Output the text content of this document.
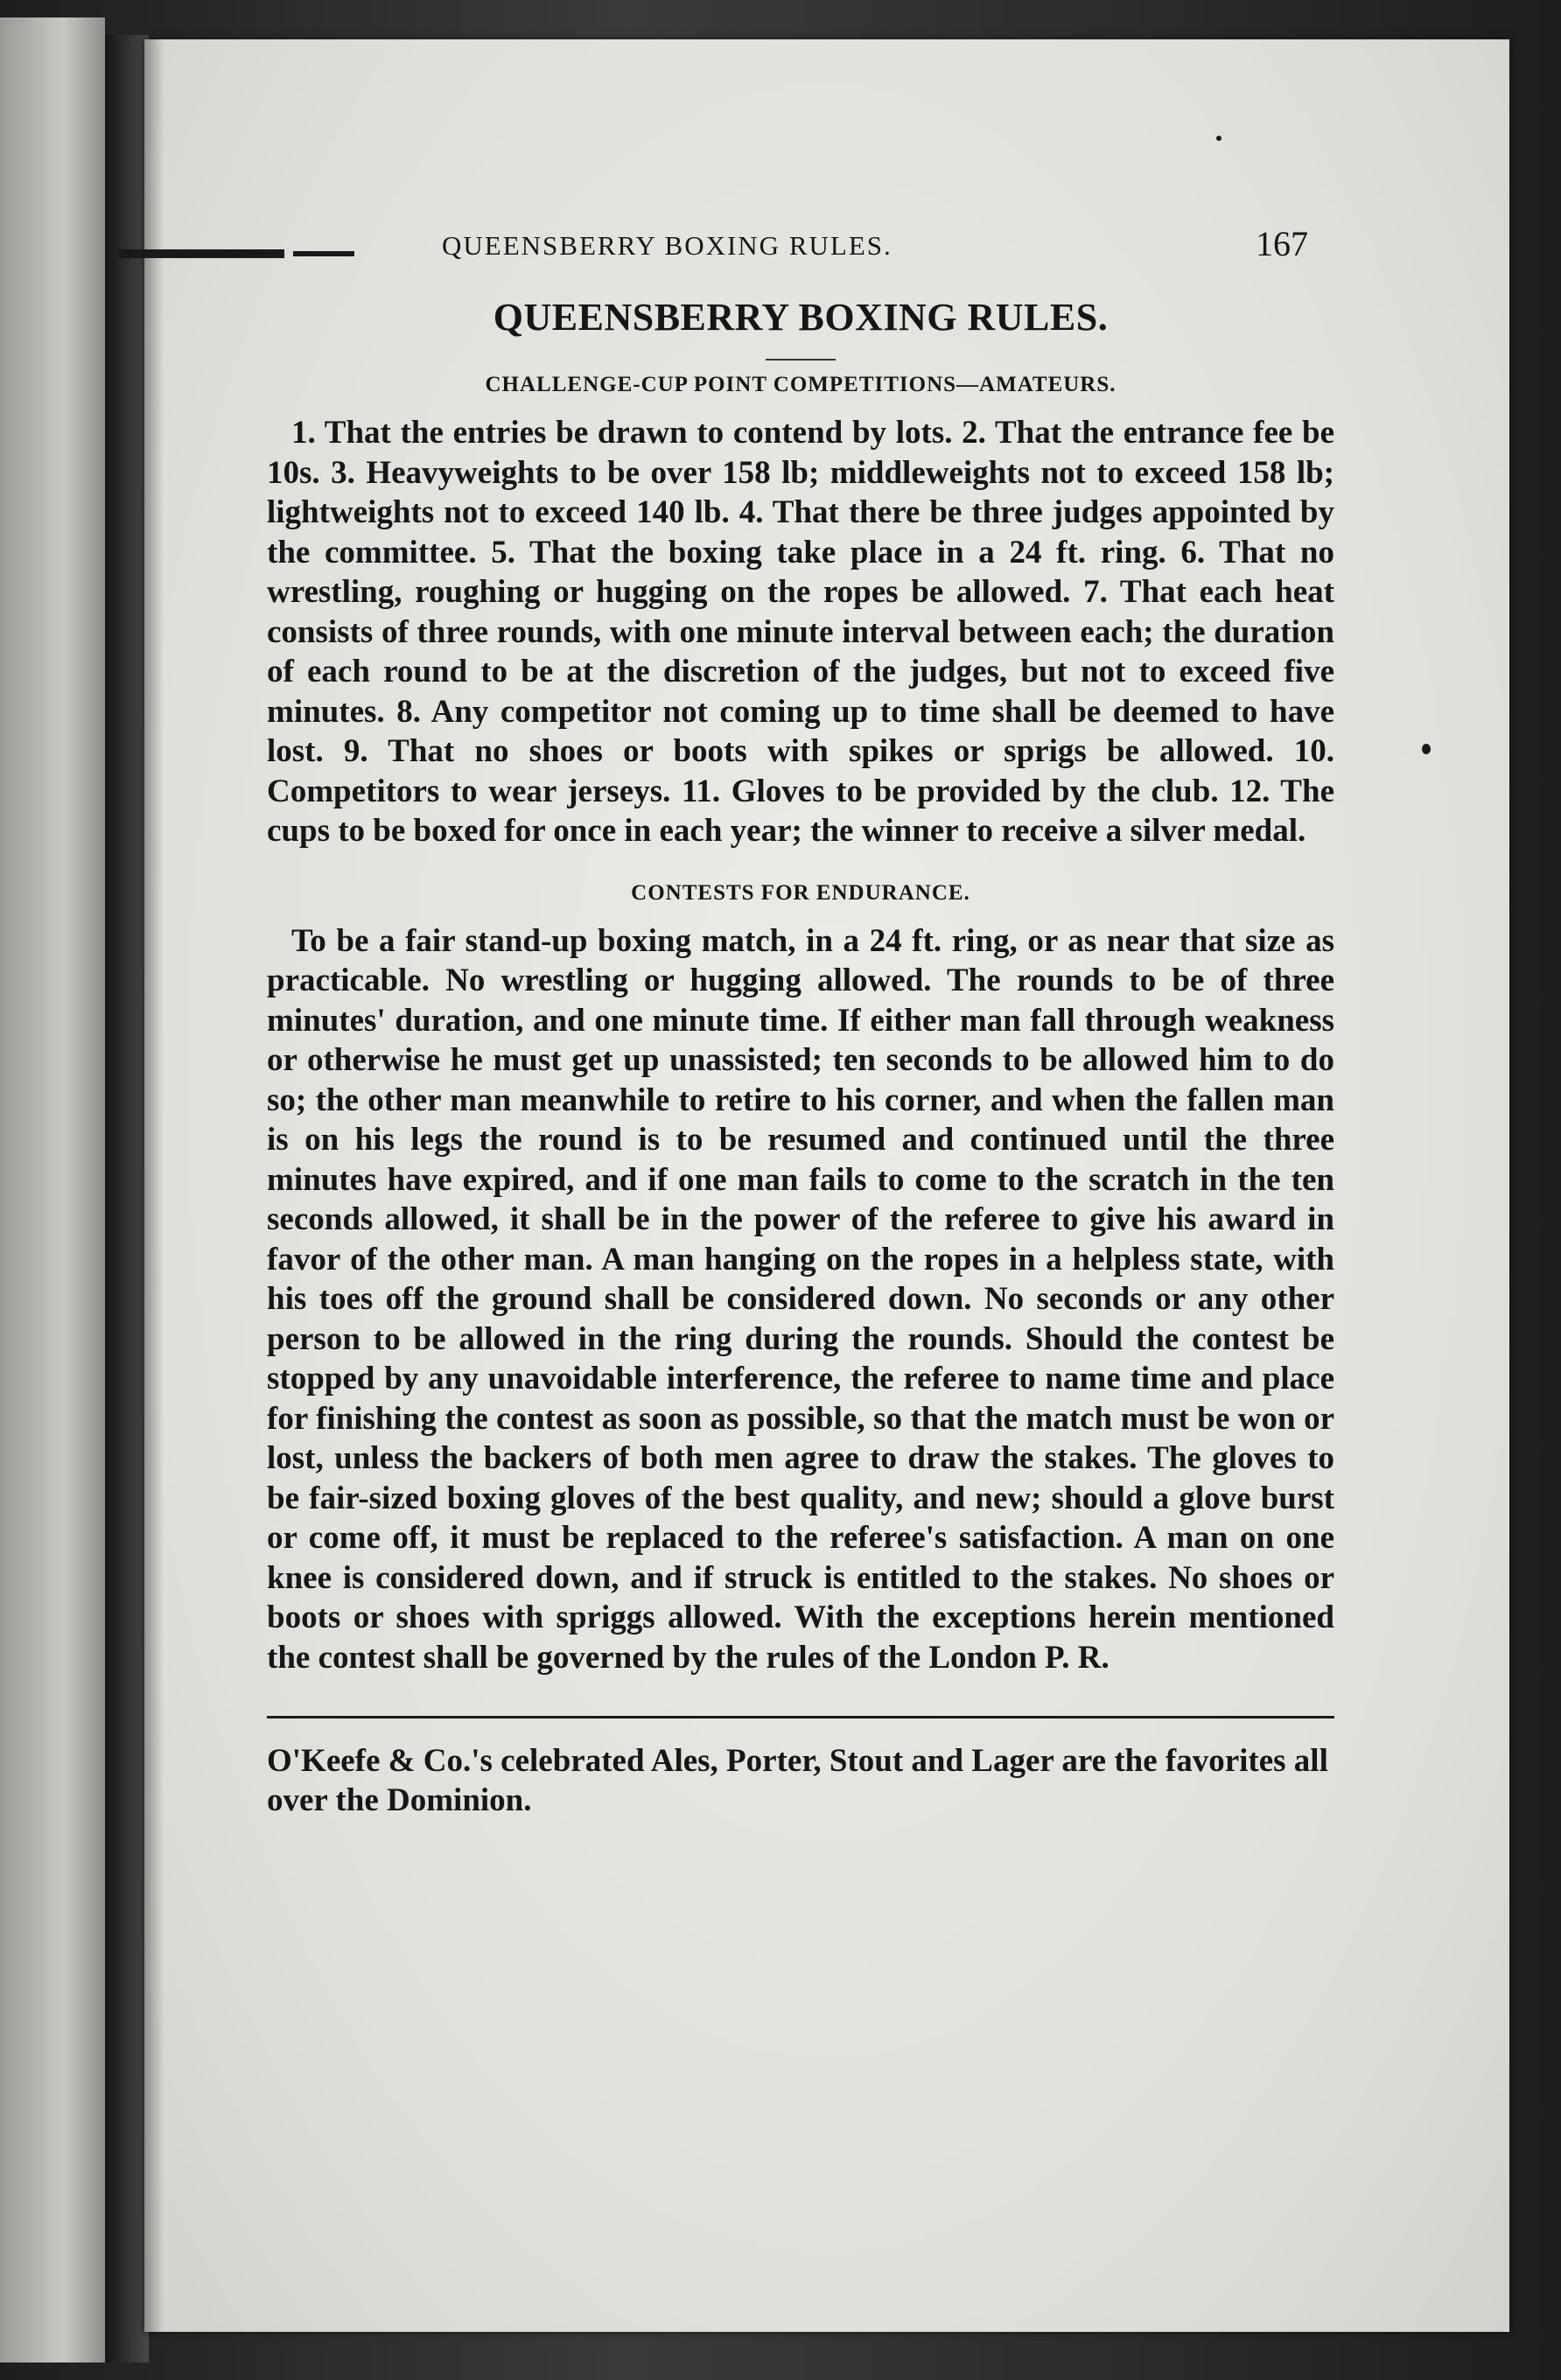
QUEENSBERRY BOXING RULES.	167
QUEENSBERRY BOXING RULES.
CHALLENGE-CUP POINT COMPETITIONS—AMATEURS.

1. That the entries be drawn to contend by lots. 2. That the entrance fee be 10s. 3. Heavyweights to be over 158 lb; middleweights not to exceed 158 lb; lightweights not to exceed 140 lb. 4. That there be three judges appointed by the committee. 5. That the boxing take place in a 24 ft. ring. 6. That no wrestling, roughing or hugging on the ropes be allowed. 7. That each heat consists of three rounds, with one minute interval between each; the duration of each round to be at the discretion of the judges, but not to exceed five minutes. 8. Any competitor not coming up to time shall be deemed to have lost. 9. That no shoes or boots with spikes or sprigs be allowed. 10. Competitors to wear jerseys. 11. Gloves to be provided by the club. 12. The cups to be boxed for once in each year; the winner to receive a silver medal.

CONTESTS FOR ENDURANCE.

To be a fair stand-up boxing match, in a 24 ft. ring, or as near that size as practicable. No wrestling or hugging allowed. The rounds to be of three minutes' duration, and one minute time. If either man fall through weakness or otherwise he must get up unassisted; ten seconds to be allowed him to do so; the other man meanwhile to retire to his corner, and when the fallen man is on his legs the round is to be resumed and continued until the three minutes have expired, and if one man fails to come to the scratch in the ten seconds allowed, it shall be in the power of the referee to give his award in favor of the other man. A man hanging on the ropes in a helpless state, with his toes off the ground shall be considered down. No seconds or any other person to be allowed in the ring during the rounds. Should the contest be stopped by any unavoidable interference, the referee to name time and place for finishing the contest as soon as possible, so that the match must be won or lost, unless the backers of both men agree to draw the stakes. The gloves to be fair-sized boxing gloves of the best quality, and new; should a glove burst or come off, it must be replaced to the referee's satisfaction. A man on one knee is considered down, and if struck is entitled to the stakes. No shoes or boots or shoes with spriggs allowed. With the exceptions herein mentioned the contest shall be governed by the rules of the London P. R.

O'Keefe & Co.'s celebrated Ales, Porter, Stout and Lager are the favorites all over the Dominion.
